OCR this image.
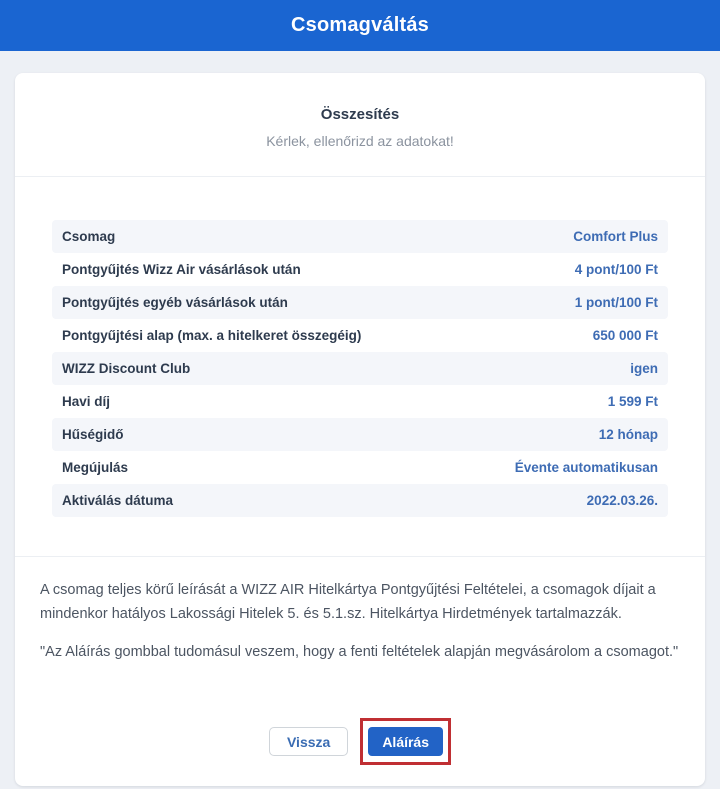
Csomagváltás
Összesítés

Kérlek, ellenőrizd az adatokat!

Csomag	Comfort Plus
Pontgyűjtés Wizz Air vásárlások után	4 pont/100 Ft
Pontgyűjtés egyéb vásárlások után	1 pont/100 Ft
Pontgyűjtési alap (max. a hitelkeret összegéig)	650 000 Ft
WIZZ Discount Club	igen
Havi díj	1 599 Ft
Hűségidő	12 hónap
Megújulás	Évente automatikusan
Aktiválás dátuma	2022.03.26.

A csomag teljes körű leírását a WIZZ AIR Hitelkártya Pontgyűjtési Feltételei, a csomagok díjait a mindenkor hatályos Lakossági Hitelek 5. és 5.1.sz. Hitelkártya Hirdetmények tartalmazzák.

"Az Aláírás gombbal tudomásul veszem, hogy a fenti feltételek alapján megvásárolom a csomagot."

Vissza	Aláírás
